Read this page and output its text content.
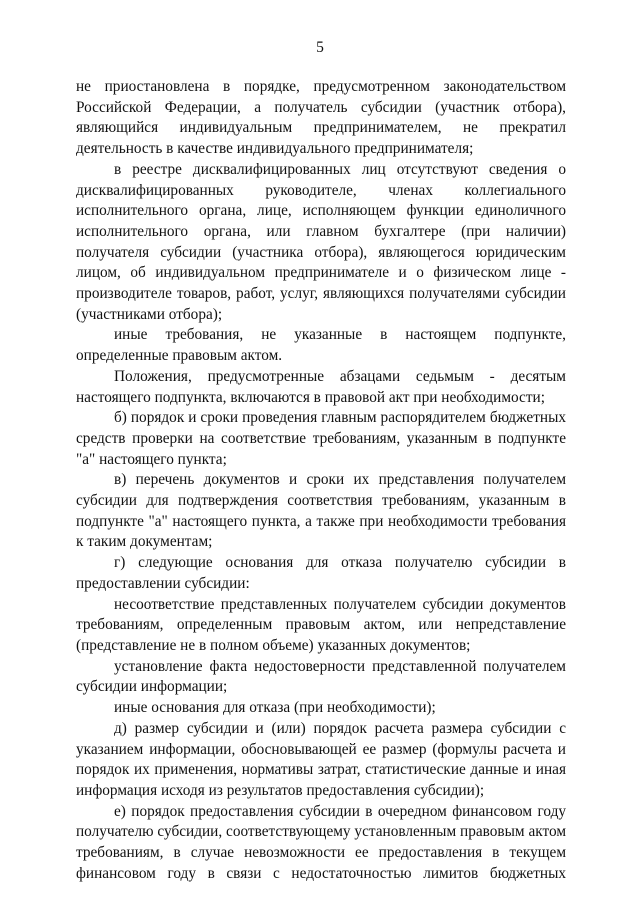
5

не приостановлена в порядке, предусмотренном законодательством Российской Федерации, а получатель субсидии (участник отбора), являющийся индивидуальным предпринимателем, не прекратил деятельность в качестве индивидуального предпринимателя;

в реестре дисквалифицированных лиц отсутствуют сведения о дисквалифицированных руководителе, членах коллегиального исполнительного органа, лице, исполняющем функции единоличного исполнительного органа, или главном бухгалтере (при наличии) получателя субсидии (участника отбора), являющегося юридическим лицом, об индивидуальном предпринимателе и о физическом лице - производителе товаров, работ, услуг, являющихся получателями субсидии (участниками отбора);

иные требования, не указанные в настоящем подпункте, определенные правовым актом.

Положения, предусмотренные абзацами седьмым - десятым настоящего подпункта, включаются в правовой акт при необходимости;

б) порядок и сроки проведения главным распорядителем бюджетных средств проверки на соответствие требованиям, указанным в подпункте "а" настоящего пункта;

в) перечень документов и сроки их представления получателем субсидии для подтверждения соответствия требованиям, указанным в подпункте "а" настоящего пункта, а также при необходимости требования к таким документам;

г) следующие основания для отказа получателю субсидии в предоставлении субсидии:

несоответствие представленных получателем субсидии документов требованиям, определенным правовым актом, или непредставление (представление не в полном объеме) указанных документов;

установление факта недостоверности представленной получателем субсидии информации;

иные основания для отказа (при необходимости);

д) размер субсидии и (или) порядок расчета размера субсидии с указанием информации, обосновывающей ее размер (формулы расчета и порядок их применения, нормативы затрат, статистические данные и иная информация исходя из результатов предоставления субсидии);

е) порядок предоставления субсидии в очередном финансовом году получателю субсидии, соответствующему установленным правовым актом требованиям, в случае невозможности ее предоставления в текущем финансовом году в связи с недостаточностью лимитов бюджетных
